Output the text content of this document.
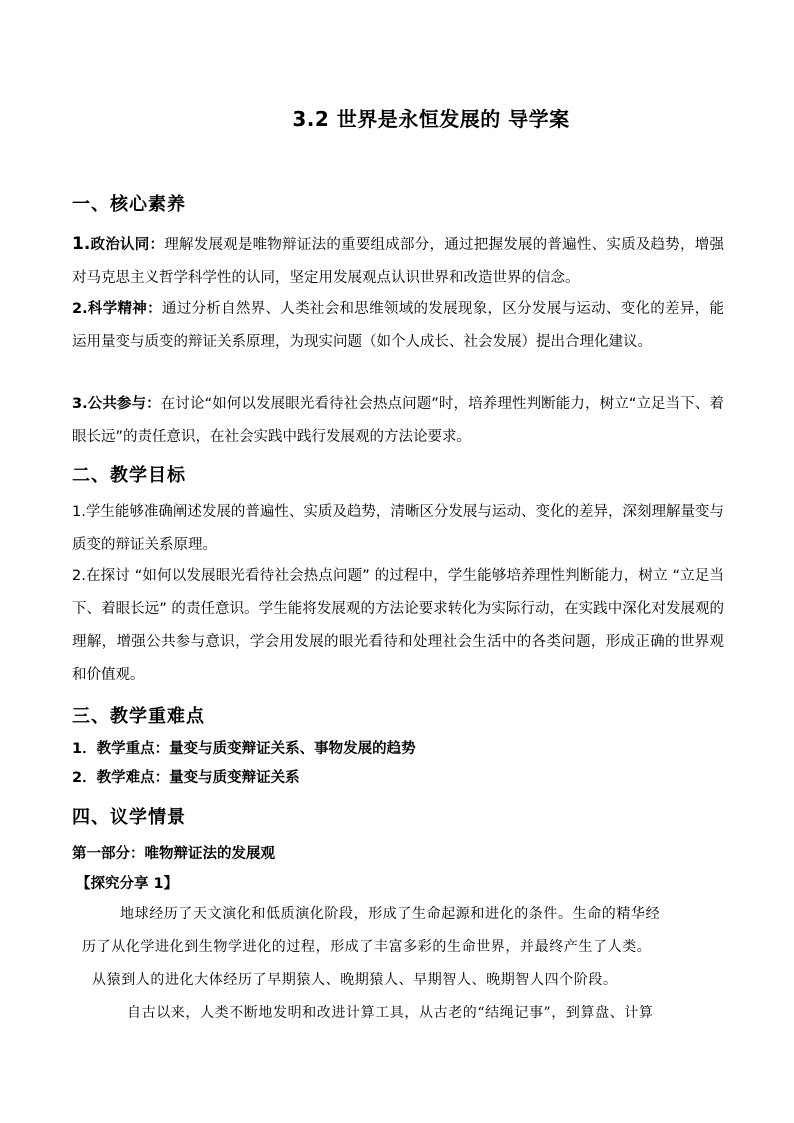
3.2 世界是永恒发展的 导学案
一、核心素养
1.政治认同：理解发展观是唯物辩证法的重要组成部分，通过把握发展的普遍性、实质及趋势，增强对马克思主义哲学科学性的认同，坚定用发展观点认识世界和改造世界的信念。
2.科学精神：通过分析自然界、人类社会和思维领域的发展现象，区分发展与运动、变化的差异，能运用量变与质变的辩证关系原理，为现实问题（如个人成长、社会发展）提出合理化建议。
3.公共参与：在讨论“如何以发展眼光看待社会热点问题”时，培养理性判断能力，树立“立足当下、着眼长远”的责任意识，在社会实践中践行发展观的方法论要求。
二、教学目标
1.学生能够准确阐述发展的普遍性、实质及趋势，清晰区分发展与运动、变化的差异，深刻理解量变与质变的辩证关系原理。
2.在探讨 “如何以发展眼光看待社会热点问题” 的过程中，学生能够培养理性判断能力，树立 “立足当下、着眼长远” 的责任意识。学生能将发展观的方法论要求转化为实际行动，在实践中深化对发展观的理解，增强公共参与意识，学会用发展的眼光看待和处理社会生活中的各类问题，形成正确的世界观和价值观。
三、教学重难点
1．教学重点：量变与质变辩证关系、事物发展的趋势
2．教学难点：量变与质变辩证关系
四、议学情景
第一部分：唯物辩证法的发展观
【探究分享 1】
地球经历了天文演化和低质演化阶段，形成了生命起源和进化的条件。生命的精华经
历了从化学进化到生物学进化的过程，形成了丰富多彩的生命世界，并最终产生了人类。
从猿到人的进化大体经历了早期猿人、晚期猿人、早期智人、晚期智人四个阶段。
自古以来，人类不断地发明和改进计算工具，从古老的“结绳记事”，到算盘、计算
